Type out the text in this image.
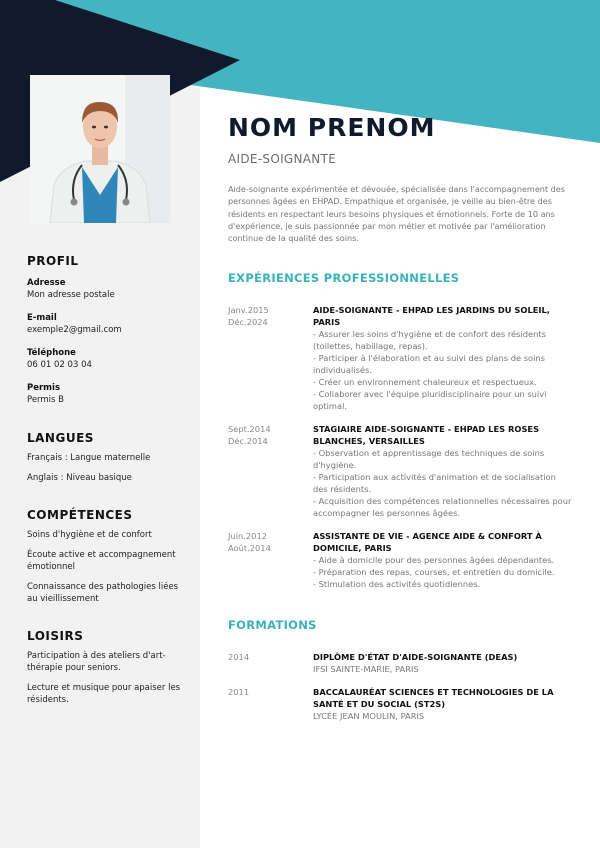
PROFIL

Adresse

Mon adresse postale

E-mail

exemple2@gmail.com

Téléphone

06 01 02 03 04

Permis

Permis B

LANGUES

Français : Langue maternelle

Anglais : Niveau basique

COMPÉTENCES

Soins d'hygiène et de confort

Écoute active et accompagnement émotionnel

Connaissance des pathologies liées au vieillissement

LOISIRS

Participation à des ateliers d'art-thérapie pour seniors.

Lecture et musique pour apaiser les résidents.

NOM PRENOM
AIDE-SOIGNANTE
Aide-soignante expérimentée et dévouée, spécialisée dans l'accompagnement des personnes âgées en EHPAD. Empathique et organisée, je veille au bien-être des résidents en respectant leurs besoins physiques et émotionnels. Forte de 10 ans d'expérience, je suis passionnée par mon métier et motivée par l'amélioration continue de la qualité des soins.
EXPÉRIENCES PROFESSIONNELLES
Janv.2015
Déc.2024

AIDE-SOIGNANTE - EHPAD LES JARDINS DU SOLEIL, PARIS

- Assurer les soins d'hygiène et de confort des résidents (toilettes, habillage, repas).
- Participer à l'élaboration et au suivi des plans de soins individualisés.
- Créer un environnement chaleureux et respectueux.
- Collaborer avec l'équipe pluridisciplinaire pour un suivi optimal.
Sept.2014
Déc.2014

STAGIAIRE AIDE-SOIGNANTE - EHPAD LES ROSES BLANCHES, VERSAILLES

- Observation et apprentissage des techniques de soins d'hygiène.
- Participation aux activités d'animation et de socialisation des résidents.
- Acquisition des compétences relationnelles nécessaires pour accompagner les personnes âgées.
Juin.2012
Août.2014

ASSISTANTE DE VIE - AGENCE AIDE & CONFORT À DOMICILE, PARIS

- Aide à domicile pour des personnes âgées dépendantes.
- Préparation des repas, courses, et entretien du domicile.
- Stimulation des activités quotidiennes.
FORMATIONS
2014	DIPLÔME D'ÉTAT D'AIDE-SOIGNANTE (DEAS)

IFSI SAINTE-MARIE, PARIS

2011	BACCALAURÉAT SCIENCES ET TECHNOLOGIES DE LA SANTÉ ET DU SOCIAL (ST2S)

LYCÉE JEAN MOULIN, PARIS
